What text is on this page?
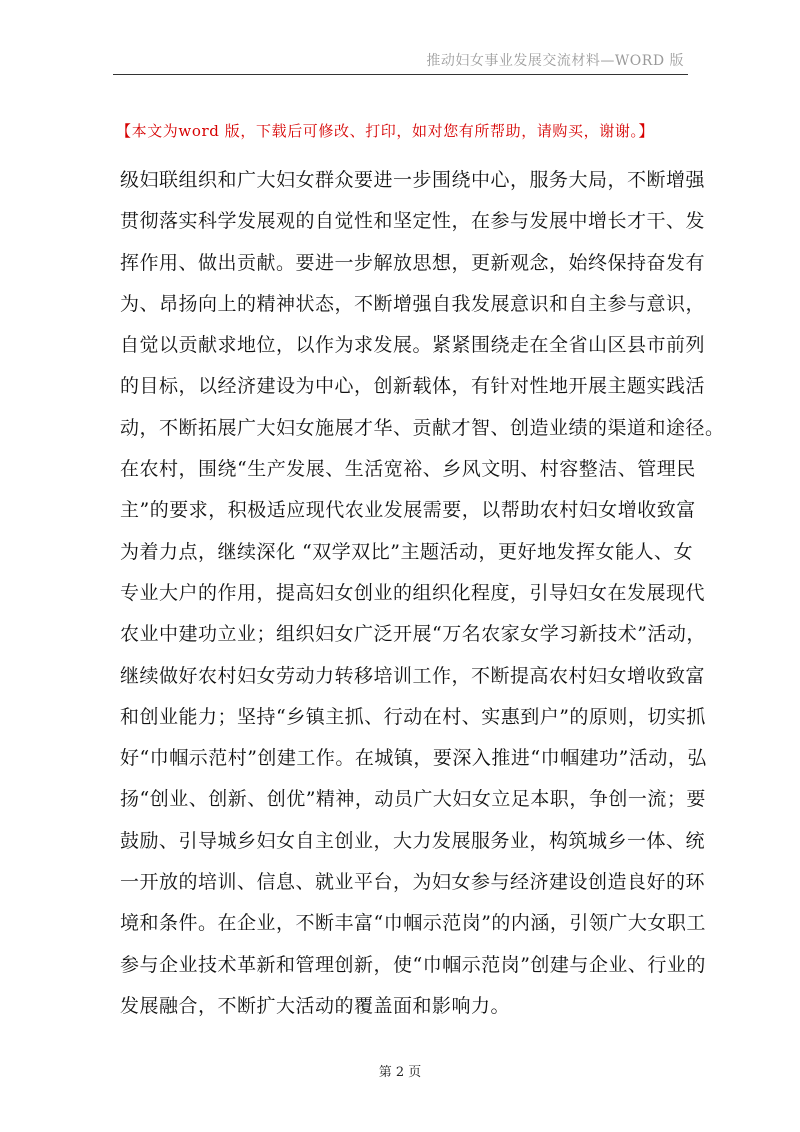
推动妇女事业发展交流材料—WORD 版
【本文为word 版，下载后可修改、打印，如对您有所帮助，请购买，谢谢。】
级妇联组织和广大妇女群众要进一步围绕中心，服务大局，不断增强
贯彻落实科学发展观的自觉性和坚定性，在参与发展中增长才干、发
挥作用、做出贡献。要进一步解放思想，更新观念，始终保持奋发有
为、昂扬向上的精神状态，不断增强自我发展意识和自主参与意识，
自觉以贡献求地位，以作为求发展。紧紧围绕走在全省山区县市前列
的目标，以经济建设为中心，创新载体，有针对性地开展主题实践活
动，不断拓展广大妇女施展才华、贡献才智、创造业绩的渠道和途径。
在农村，围绕“生产发展、生活宽裕、乡风文明、村容整洁、管理民
主”的要求，积极适应现代农业发展需要，以帮助农村妇女增收致富
为着力点，继续深化 “双学双比”主题活动，更好地发挥女能人、女
专业大户的作用，提高妇女创业的组织化程度，引导妇女在发展现代
农业中建功立业；组织妇女广泛开展“万名农家女学习新技术”活动，
继续做好农村妇女劳动力转移培训工作，不断提高农村妇女增收致富
和创业能力；坚持“乡镇主抓、行动在村、实惠到户”的原则，切实抓
好“巾帼示范村”创建工作。在城镇，要深入推进“巾帼建功”活动，弘
扬“创业、创新、创优”精神，动员广大妇女立足本职，争创一流；要
鼓励、引导城乡妇女自主创业，大力发展服务业，构筑城乡一体、统
一开放的培训、信息、就业平台，为妇女参与经济建设创造良好的环
境和条件。在企业，不断丰富“巾帼示范岗”的内涵，引领广大女职工
参与企业技术革新和管理创新，使“巾帼示范岗”创建与企业、行业的
发展融合，不断扩大活动的覆盖面和影响力。
第 2 页
